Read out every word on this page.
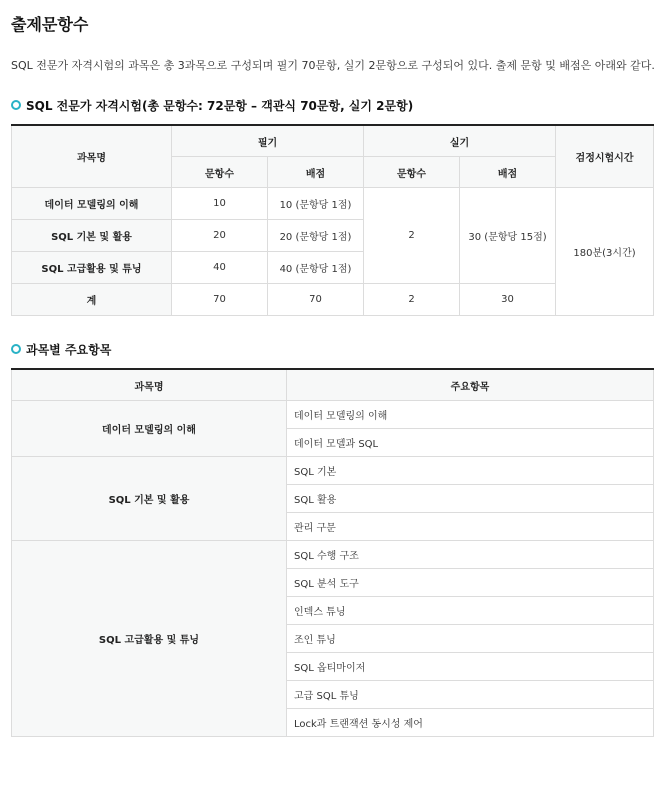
출제문항수

SQL 전문가 자격시험의 과목은 총 3과목으로 구성되며 필기 70문항, 실기 2문항으로 구성되어 있다. 출제 문항 및 배점은 아래와 같다.

SQL 전문가 자격시험(총 문항수: 72문항 – 객관식 70문항, 실기 2문항)
과목명	필기		실기		검정시험시간
	문항수	배점	문항수	배점	
데이터 모델링의 이해	10	10 (문항당 1점)	2	30 (문항당 15점)	180분(3시간)
SQL 기본 및 활용	20	20 (문항당 1점)			
SQL 고급활용 및 튜닝	40	40 (문항당 1점)			
계	70	70	2	30	
과목별 주요항목
과목명	주요항목
데이터 모델링의 이해	데이터 모델링의 이해
	데이터 모델과 SQL
SQL 기본 및 활용	SQL 기본
	SQL 활용
	관리 구문
SQL 고급활용 및 튜닝	SQL 수행 구조
	SQL 분석 도구
	인덱스 튜닝
	조인 튜닝
	SQL 옵티마이저
	고급 SQL 튜닝
	Lock과 트랜잭션 동시성 제어
